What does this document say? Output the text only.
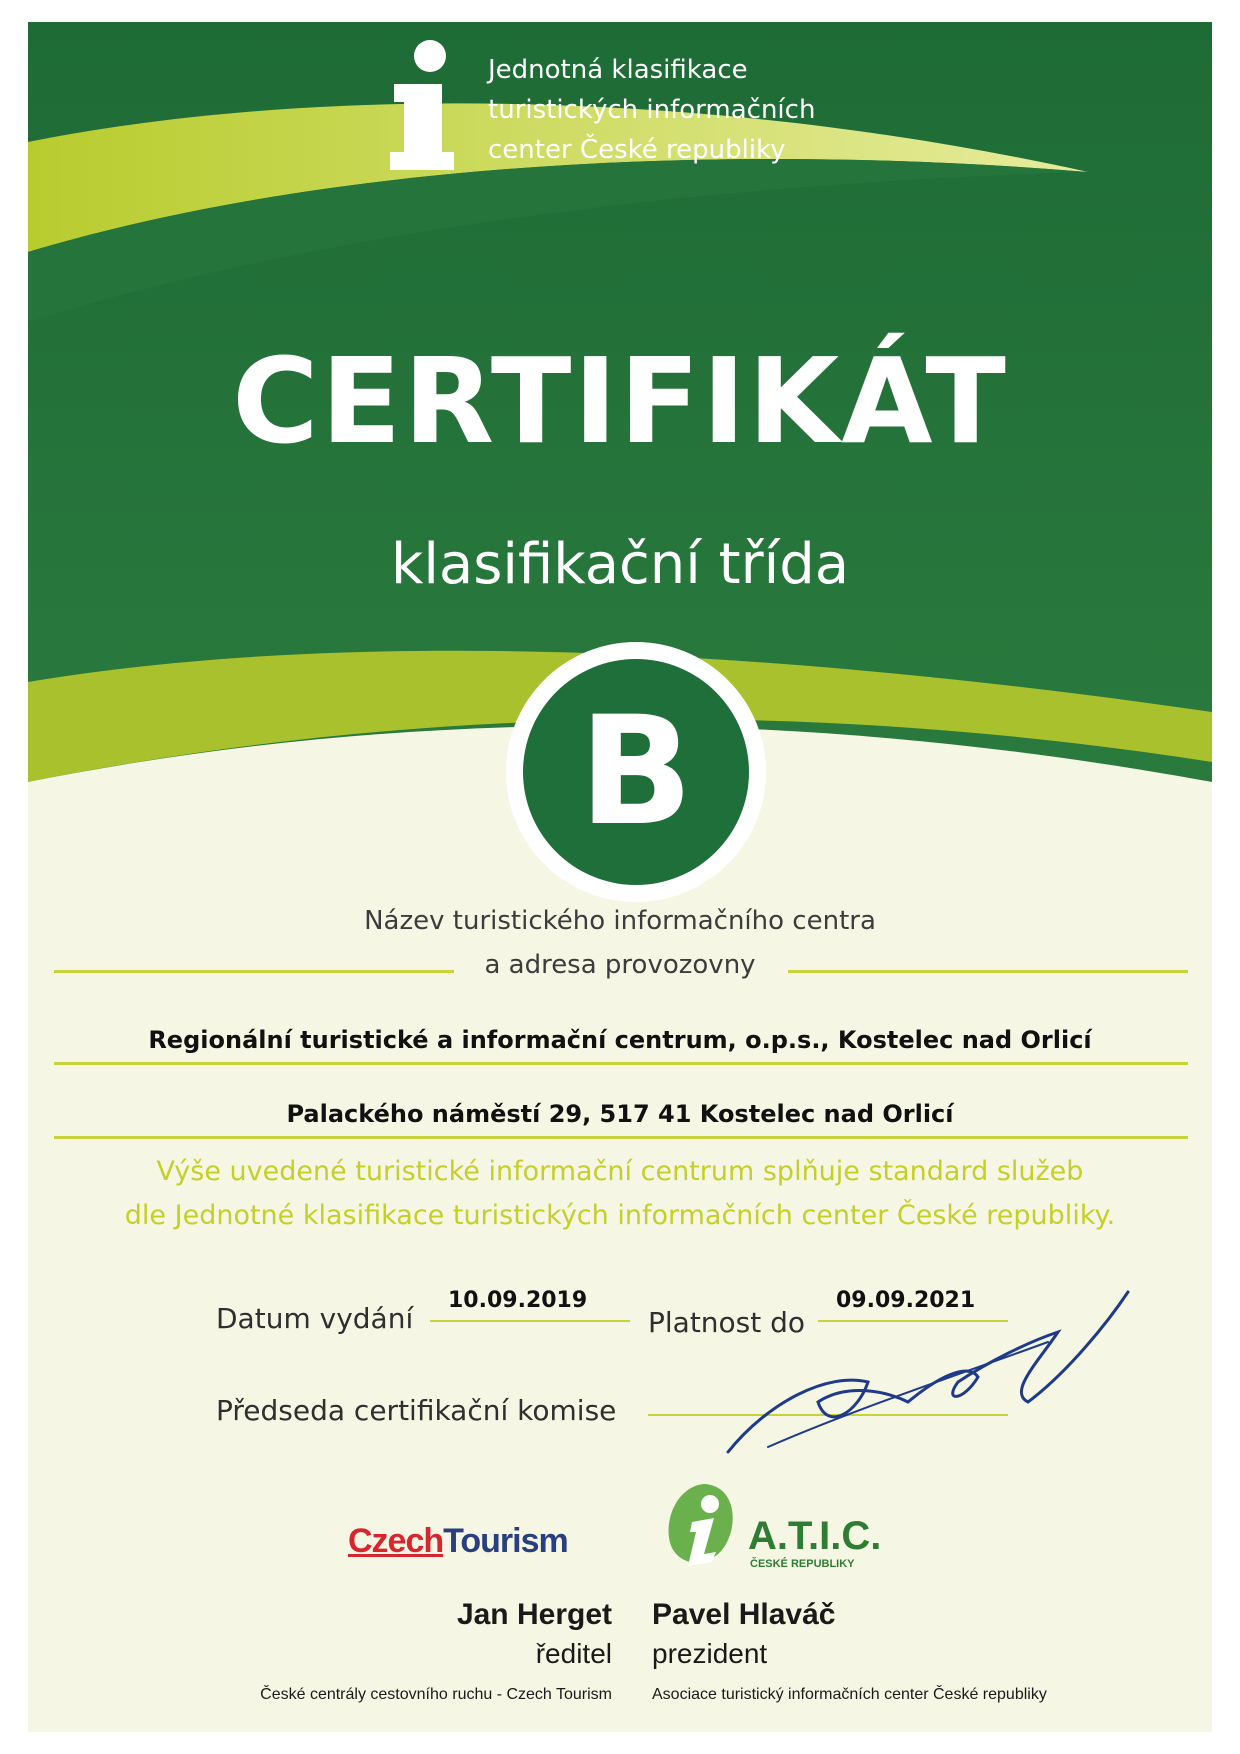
Jednotná klasifikace
turistických informačních
center České republiky
CERTIFIKÁT
klasifikační třída
B
Název turistického informačního centra
a adresa provozovny
Regionální turistické a informační centrum, o.p.s., Kostelec nad Orlicí
Palackého náměstí 29, 517 41 Kostelec nad Orlicí
Výše uvedené turistické informační centrum splňuje standard služeb
dle Jednotné klasifikace turistických informačních center České republiky.
Datum vydání
10.09.2019
Platnost do
09.09.2021
Předseda certifikační komise
CzechTourism	A.T.I.C.
ČESKÉ REPUBLIKY
Jan Herget
ředitel
České centrály cestovního ruchu - Czech Tourism
Pavel Hlaváč
prezident
Asociace turistický informačních center České republiky
